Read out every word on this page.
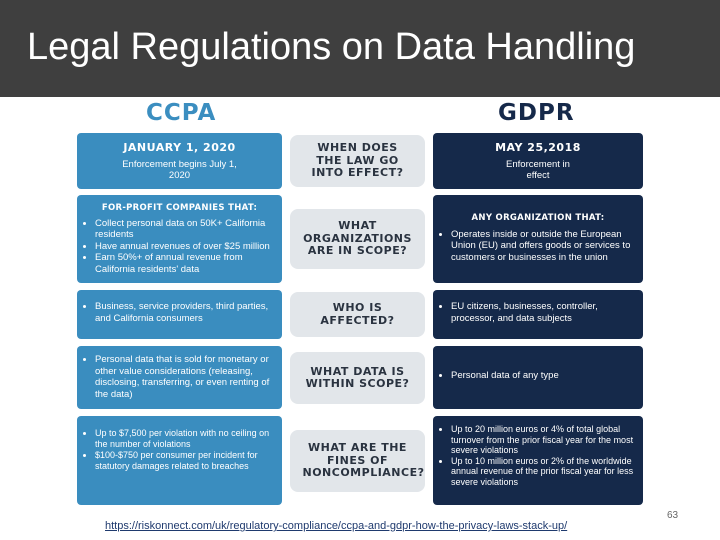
Legal Regulations on Data Handling
CCPA	GDPR
JANUARY 1, 2020
Enforcement begins July 1, 2020
WHEN DOES THE LAW GO INTO EFFECT?
MAY 25,2018
Enforcement in effect
FOR-PROFIT COMPANIES THAT:
• Collect personal data on 50K+ California residents
• Have annual revenues of over $25 million
• Earn 50%+ of annual revenue from California residents' data
WHAT ORGANIZATIONS ARE IN SCOPE?
ANY ORGANIZATION THAT:
• Operates inside or outside the European Union (EU) and offers goods or services to customers or businesses in the union
• Business, service providers, third parties, and California consumers
WHO IS AFFECTED?
• EU citizens, businesses, controller, processor, and data subjects
• Personal data that is sold for monetary or other value considerations (releasing, disclosing, transferring, or even renting of the data)
WHAT DATA IS WITHIN SCOPE?
• Personal data of any type
• Up to $7,500 per violation with no ceiling on the number of violations
• $100-$750 per consumer per incident for statutory damages related to breaches
WHAT ARE THE FINES OF NONCOMPLIANCE?
• Up to 20 million euros or 4% of total global turnover from the prior fiscal year for the most severe violations
• Up to 10 million euros or 2% of the worldwide annual revenue of the prior fiscal year for less severe violations
https://riskonnect.com/uk/regulatory-compliance/ccpa-and-gdpr-how-the-privacy-laws-stack-up/
63
